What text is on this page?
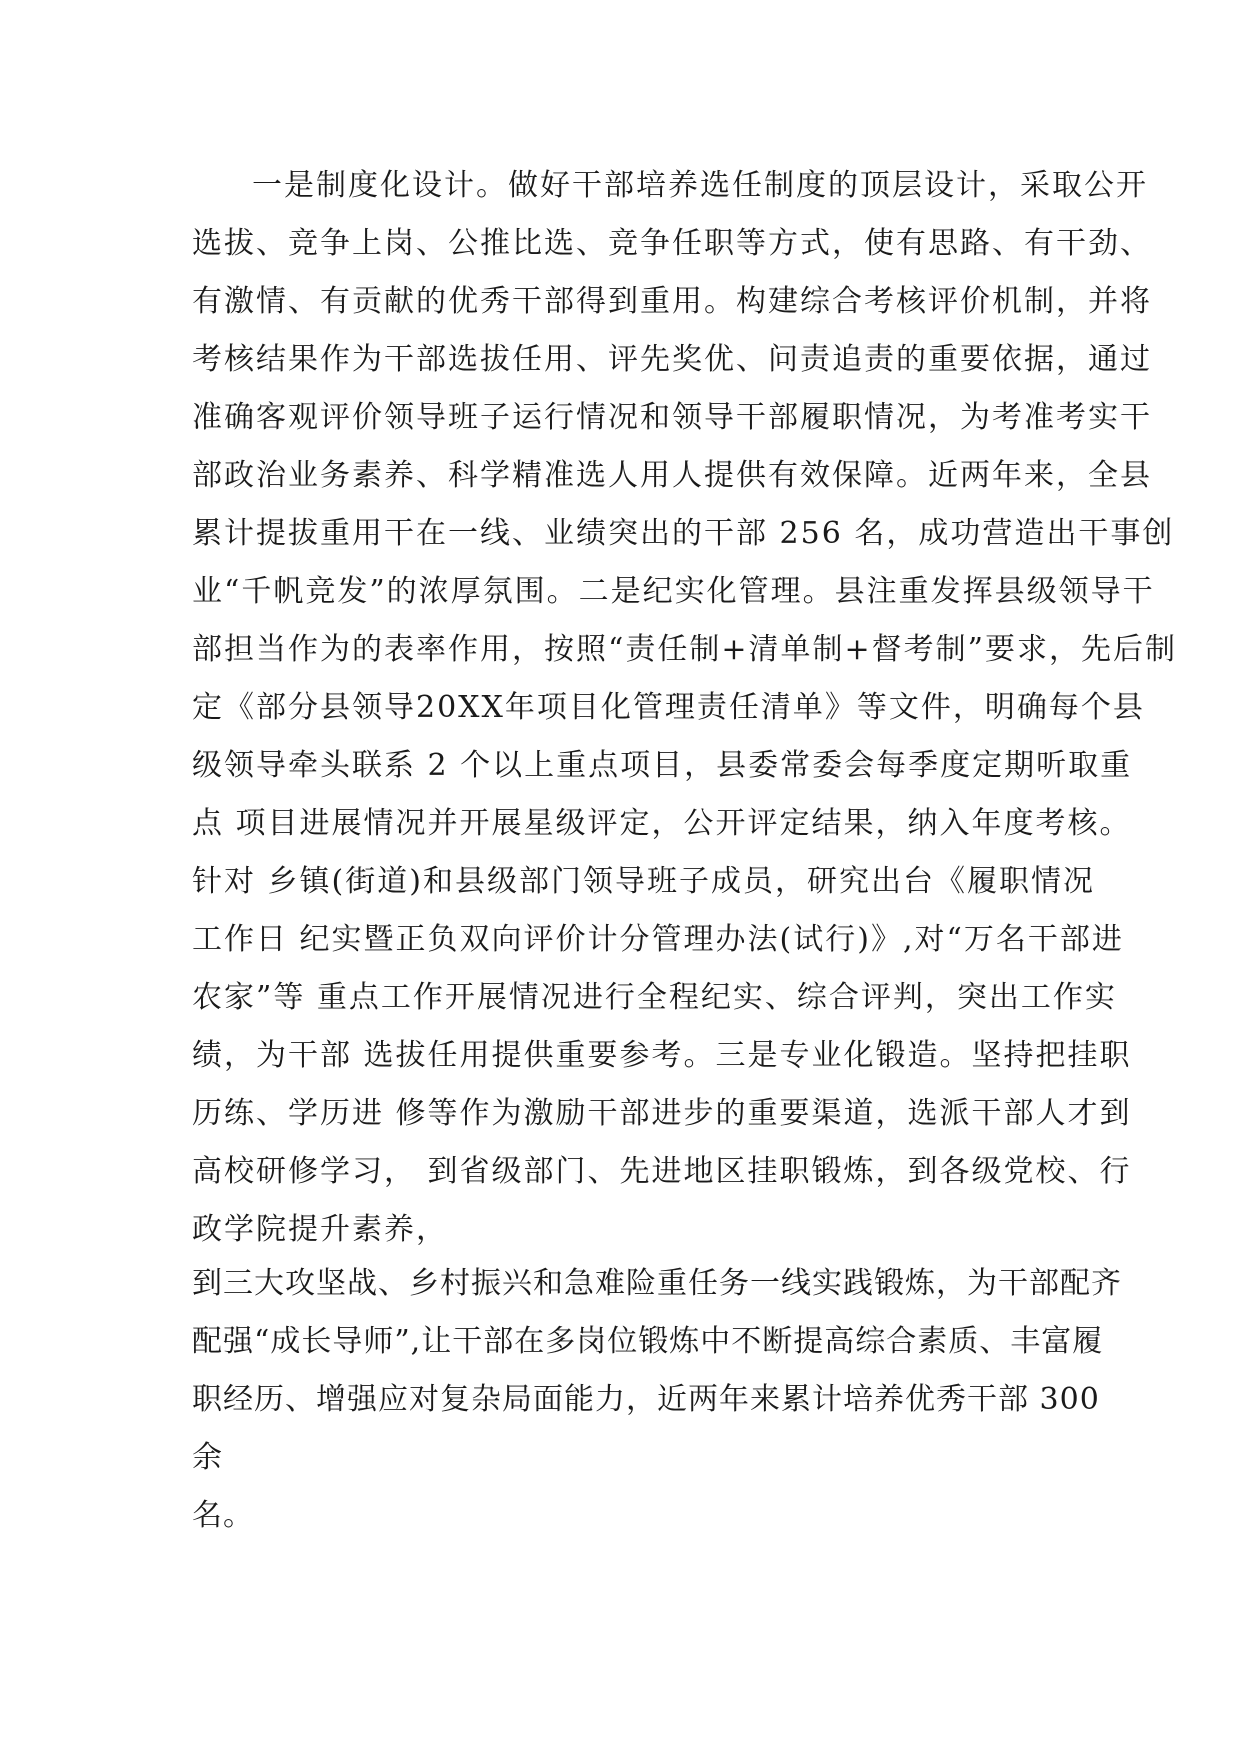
一是制度化设计。做好干部培养选任制度的顶层设计，采取公开
选拔、竞争上岗、公推比选、竞争任职等方式，使有思路、有干劲、
有激情、有贡献的优秀干部得到重用。构建综合考核评价机制，并将
考核结果作为干部选拔任用、评先奖优、问责追责的重要依据，通过
准确客观评价领导班子运行情况和领导干部履职情况，为考准考实干
部政治业务素养、科学精准选人用人提供有效保障。近两年来，全县
累计提拔重用干在一线、业绩突出的干部 256 名，成功营造出干事创
业“千帆竞发”的浓厚氛围。二是纪实化管理。县注重发挥县级领导干
部担当作为的表率作用，按照“责任制+清单制+督考制”要求，先后制
定《部分县领导20XX年项目化管理责任清单》等文件，明确每个县
级领导牵头联系 2 个以上重点项目，县委常委会每季度定期听取重
点 项目进展情况并开展星级评定，公开评定结果，纳入年度考核。
针对 乡镇(街道)和县级部门领导班子成员，研究出台《履职情况
工作日 纪实暨正负双向评价计分管理办法(试行)》,对“万名干部进
农家”等 重点工作开展情况进行全程纪实、综合评判，突出工作实
绩，为干部 选拔任用提供重要参考。三是专业化锻造。坚持把挂职
历练、学历进 修等作为激励干部进步的重要渠道，选派干部人才到
高校研修学习， 到省级部门、先进地区挂职锻炼，到各级党校、行
政学院提升素养，
到三大攻坚战、乡村振兴和急难险重任务一线实践锻炼，为干部配齐
配强“成长导师”,让干部在多岗位锻炼中不断提高综合素质、丰富履
职经历、增强应对复杂局面能力，近两年来累计培养优秀干部 300
余
名。
